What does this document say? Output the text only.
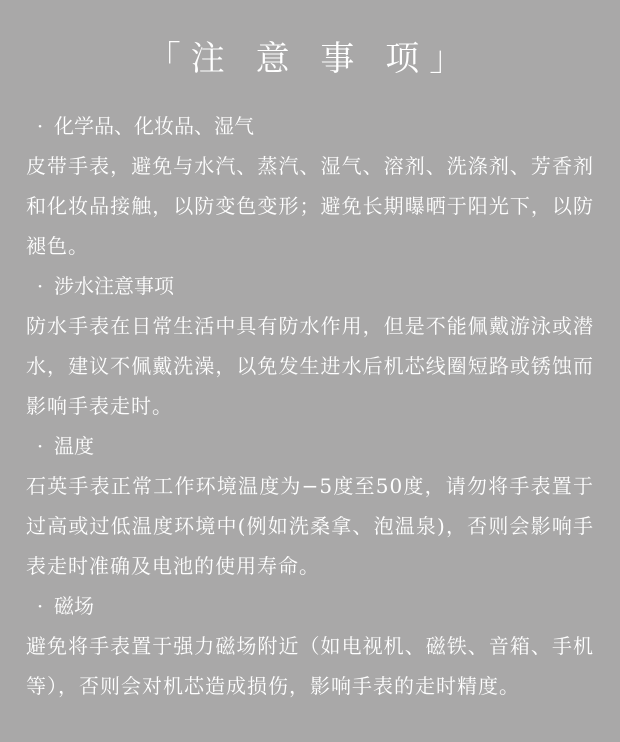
「注 意 事 项」

· 化学品、化妆品、湿气

皮带手表，避免与水汽、蒸汽、湿气、溶剂、洗涤剂、芳香剂和化妆品接触，以防变色变形；避免长期曝晒于阳光下，以防褪色。

· 涉水注意事项

防水手表在日常生活中具有防水作用，但是不能佩戴游泳或潜水，建议不佩戴洗澡，以免发生进水后机芯线圈短路或锈蚀而影响手表走时。

· 温度

石英手表正常工作环境温度为−5度至50度，请勿将手表置于过高或过低温度环境中(例如洗桑拿、泡温泉)，否则会影响手表走时准确及电池的使用寿命。

· 磁场

避免将手表置于强力磁场附近（如电视机、磁铁、音箱、手机等），否则会对机芯造成损伤，影响手表的走时精度。
